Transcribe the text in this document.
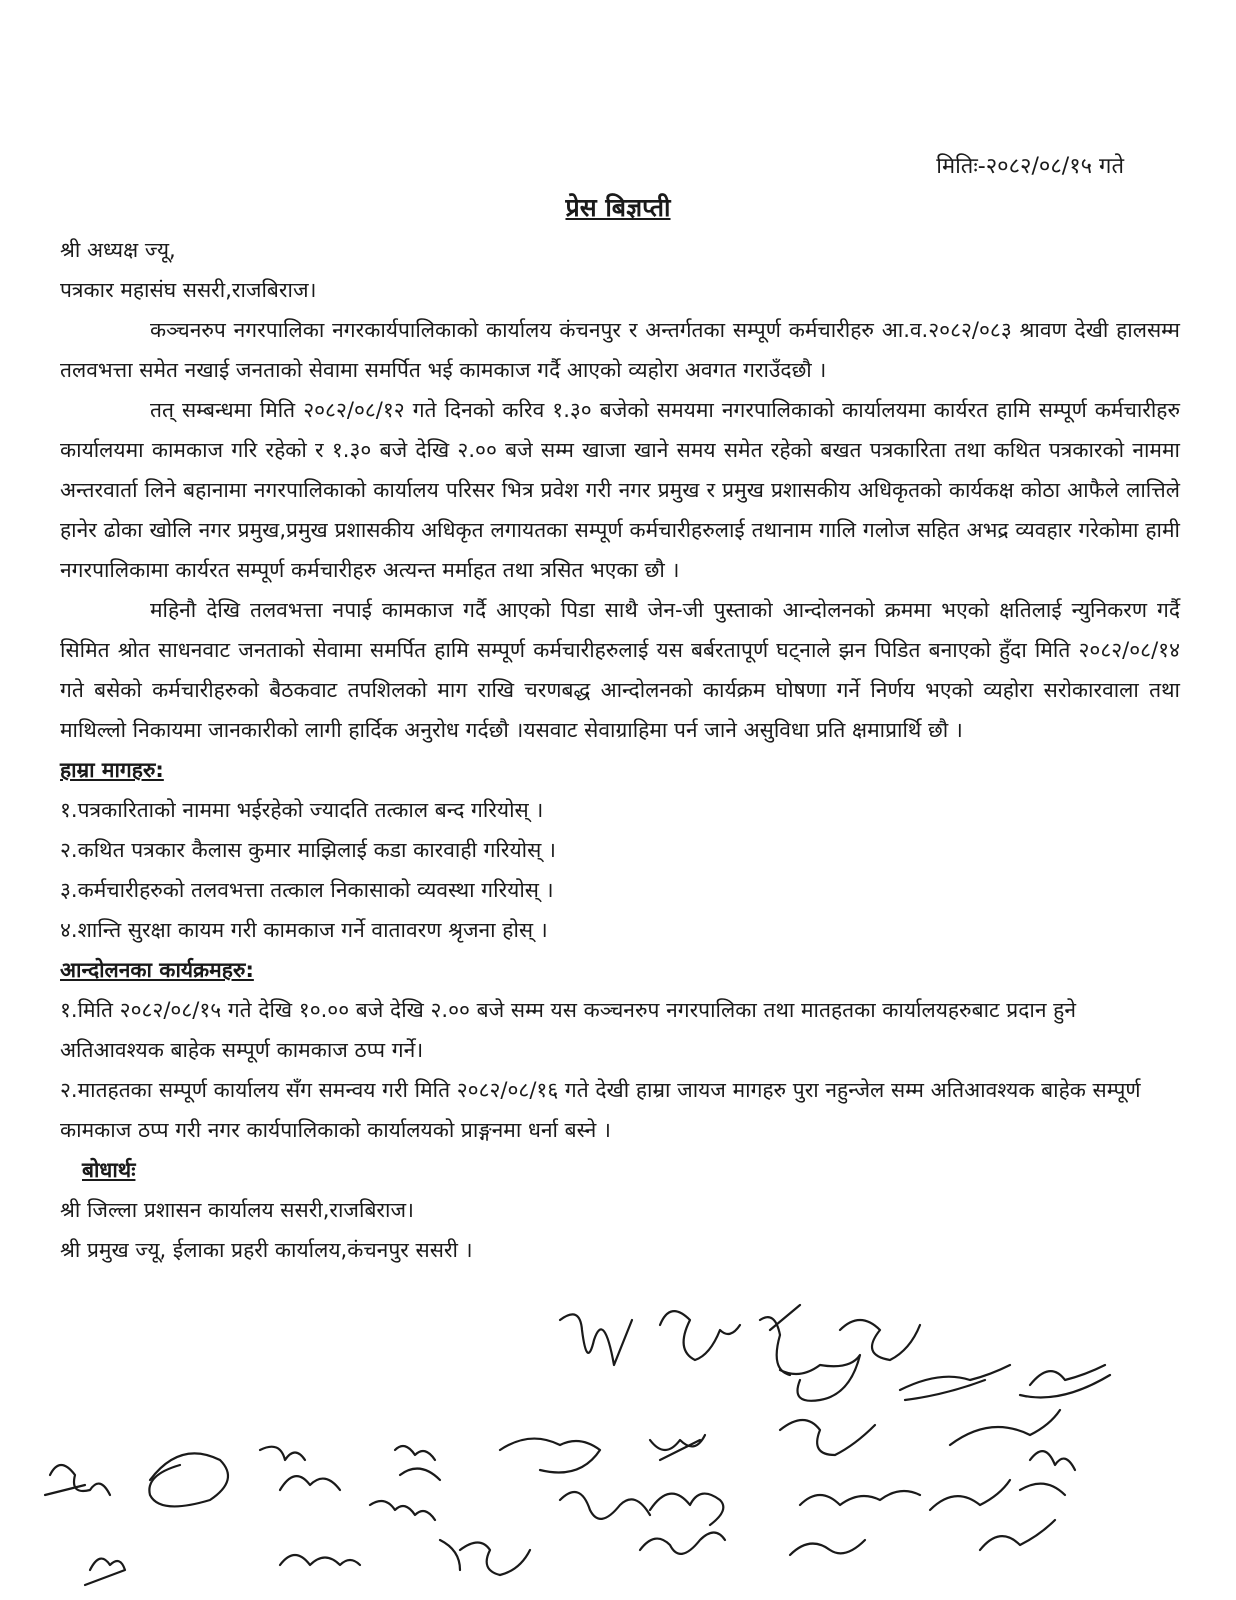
मितिः-२०८२/०८/१५ गते
प्रेस बिज्ञप्ती

श्री अध्यक्ष ज्यू,

पत्रकार महासंघ ससरी,राजबिराज।

कञ्चनरुप नगरपालिका नगरकार्यपालिकाको कार्यालय कंचनपुर र अन्तर्गतका सम्पूर्ण कर्मचारीहरु आ.व.२०८२/०८३ श्रावण देखी हालसम्म तलवभत्ता समेत नखाई जनताको सेवामा समर्पित भई कामकाज गर्दै आएको व्यहोरा अवगत गराउँदछौ ।

तत् सम्बन्धमा मिति २०८२/०८/१२ गते दिनको करिव १.३० बजेको समयमा नगरपालिकाको कार्यालयमा कार्यरत हामि सम्पूर्ण कर्मचारीहरु कार्यालयमा कामकाज गरि रहेको र १.३० बजे देखि २.०० बजे सम्म खाजा खाने समय समेत रहेको बखत पत्रकारिता तथा कथित पत्रकारको नाममा अन्तरवार्ता लिने बहानामा नगरपालिकाको कार्यालय परिसर भित्र प्रवेश गरी नगर प्रमुख र प्रमुख प्रशासकीय अधिकृतको कार्यकक्ष कोठा आफैले लात्तिले हानेर ढोका खोलि नगर प्रमुख,प्रमुख प्रशासकीय अधिकृत लगायतका सम्पूर्ण कर्मचारीहरुलाई तथानाम गालि गलोज सहित अभद्र व्यवहार गरेकोमा हामी नगरपालिकामा कार्यरत सम्पूर्ण कर्मचारीहरु अत्यन्त मर्माहत तथा त्रसित भएका छौ ।

महिनौ देखि तलवभत्ता नपाई कामकाज गर्दै आएको पिडा साथै जेन-जी पुस्ताको आन्दोलनको क्रममा भएको क्षतिलाई न्युनिकरण गर्दै सिमित श्रोत साधनवाट जनताको सेवामा समर्पित हामि सम्पूर्ण कर्मचारीहरुलाई यस बर्बरतापूर्ण घट्नाले झन पिडित बनाएको हुँदा मिति २०८२/०८/१४ गते बसेको कर्मचारीहरुको बैठकवाट तपशिलको माग राखि चरणबद्ध आन्दोलनको कार्यक्रम घोषणा गर्ने निर्णय भएको व्यहोरा सरोकारवाला तथा माथिल्लो निकायमा जानकारीको लागी हार्दिक अनुरोध गर्दछौ ।यसवाट सेवाग्राहिमा पर्न जाने असुविधा प्रति क्षमाप्रार्थि छौ ।

हाम्रा मागहरु:

१.पत्रकारिताको नाममा भईरहेको ज्यादति तत्काल बन्द गरियोस् ।

२.कथित पत्रकार कैलास कुमार माझिलाई कडा कारवाही गरियोस् ।

३.कर्मचारीहरुको तलवभत्ता तत्काल निकासाको व्यवस्था गरियोस् ।

४.शान्ति सुरक्षा कायम गरी कामकाज गर्ने वातावरण श्रृजना होस् ।

आन्दोलनका कार्यक्रमहरु:

१.मिति २०८२/०८/१५ गते देखि १०.०० बजे देखि २.०० बजे सम्म यस कञ्चनरुप नगरपालिका तथा मातहतका कार्यालयहरुबाट प्रदान हुने अतिआवश्यक बाहेक सम्पूर्ण कामकाज ठप्प गर्ने।

२.मातहतका सम्पूर्ण कार्यालय सँग समन्वय गरी मिति २०८२/०८/१६ गते देखी हाम्रा जायज मागहरु पुरा नहुन्जेल सम्म अतिआवश्यक बाहेक सम्पूर्ण कामकाज ठप्प गरी नगर कार्यपालिकाको कार्यालयको प्राङ्गनमा धर्ना बस्ने ।

बोधार्थः

श्री जिल्ला प्रशासन कार्यालय ससरी,राजबिराज।

श्री प्रमुख ज्यू, ईलाका प्रहरी कार्यालय,कंचनपुर ससरी ।
